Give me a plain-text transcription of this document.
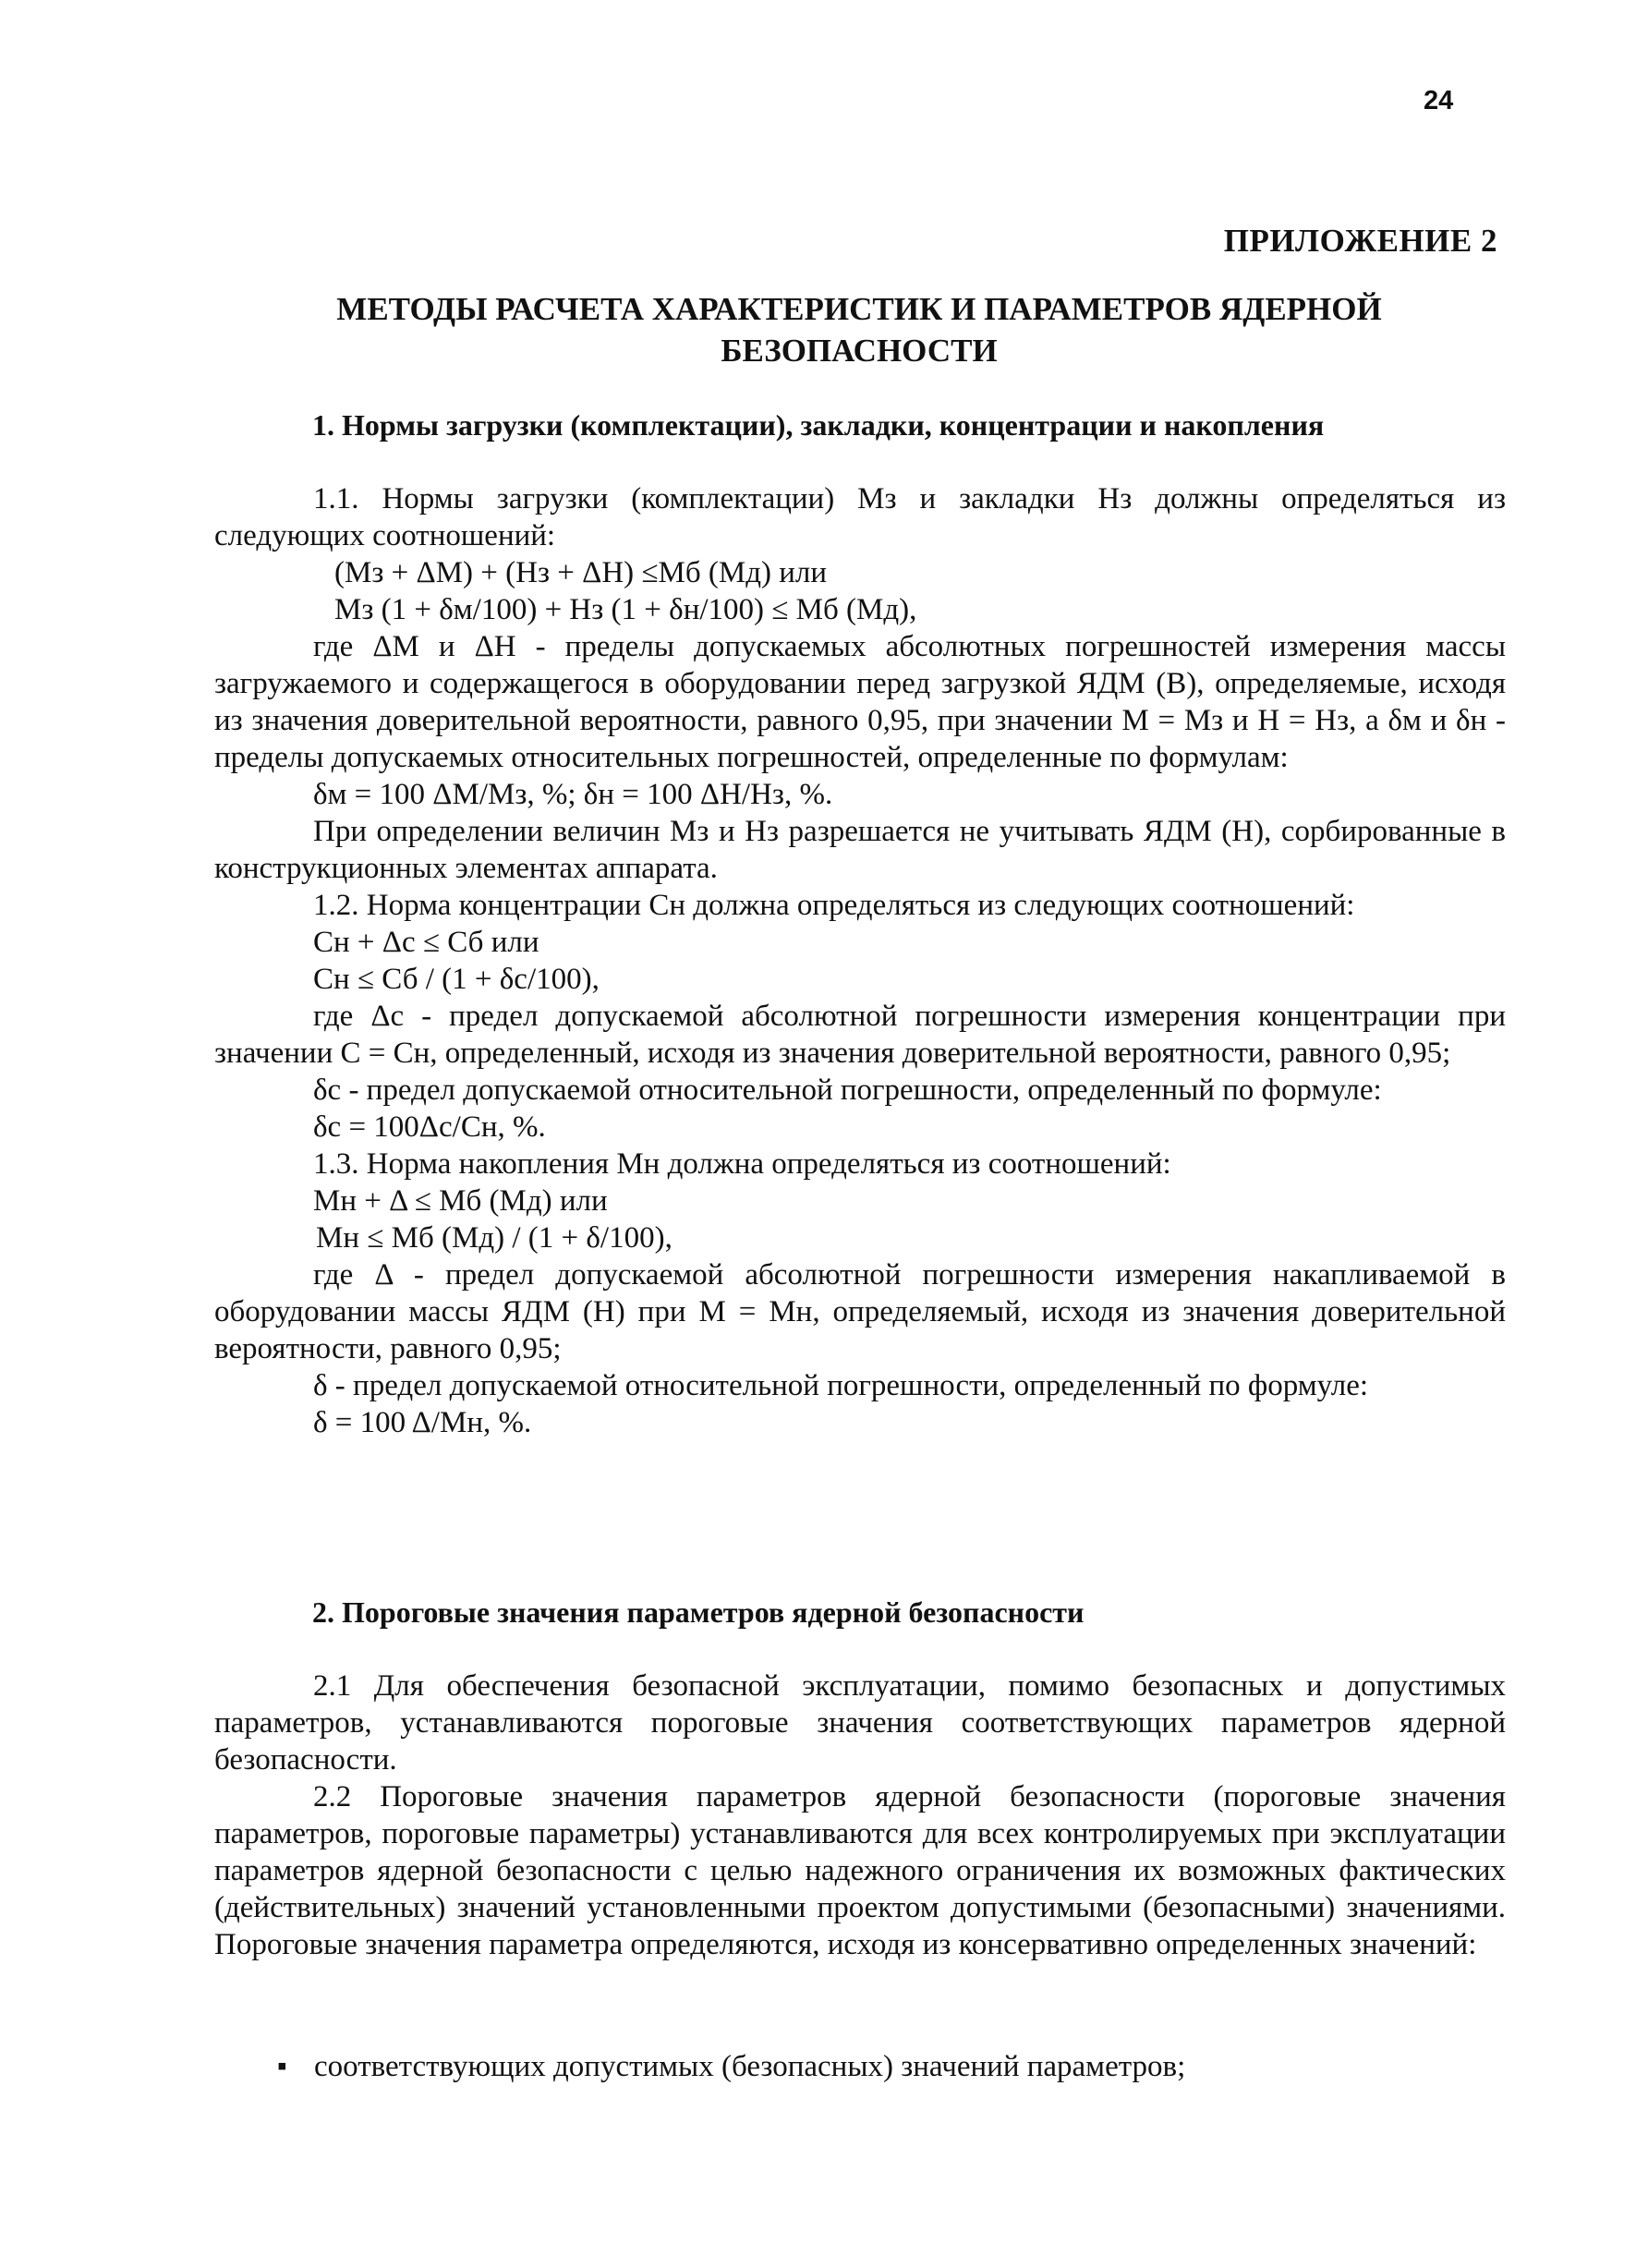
24
ПРИЛОЖЕНИЕ 2
МЕТОДЫ РАСЧЕТА ХАРАКТЕРИСТИК И ПАРАМЕТРОВ ЯДЕРНОЙ
БЕЗОПАСНОСТИ
1. Нормы загрузки (комплектации), закладки, концентрации и накопления

1.1. Нормы загрузки (комплектации) Мз и закладки Нз должны определяться из следующих соотношений:

(Мз + ΔМ) + (Нз + ΔН) ≤Мб (Мд) или

Мз (1 + δм/100) + Нз (1 + δн/100) ≤ Мб (Мд),

где ΔМ и ΔН - пределы допускаемых абсолютных погрешностей измерения массы загружаемого и содержащегося в оборудовании перед загрузкой ЯДМ (В), определяемые, исходя из значения доверительной вероятности, равного 0,95, при значении М = Мз и Н = Нз, а δм и δн - пределы допускаемых относительных погрешностей, определенные по формулам:

δм = 100 ΔМ/Мз, %; δн = 100 ΔН/Нз, %.

При определении величин Мз и Нз разрешается не учитывать ЯДМ (Н), сорбированные в конструкционных элементах аппарата.

1.2. Норма концентрации Сн должна определяться из следующих соотношений:

Сн + Δс ≤ Сб или

Сн ≤ Сб / (1 + δс/100),

где Δс - предел допускаемой абсолютной погрешности измерения концентрации при значении С = Сн, определенный, исходя из значения доверительной вероятности, равного 0,95;

δс - предел допускаемой относительной погрешности, определенный по формуле:

δс = 100Δс/Сн, %.

1.3. Норма накопления Мн должна определяться из соотношений:

Мн + Δ ≤ Мб (Мд) или

Мн ≤ Мб (Мд) / (1 + δ/100),

где Δ - предел допускаемой абсолютной погрешности измерения накапливаемой в оборудовании массы ЯДМ (Н) при М = Мн, определяемый, исходя из значения доверительной вероятности, равного 0,95;

δ - предел допускаемой относительной погрешности, определенный по формуле:

δ = 100 Δ/Мн, %.

2. Пороговые значения параметров ядерной безопасности

2.1 Для обеспечения безопасной эксплуатации, помимо безопасных и допустимых параметров, устанавливаются пороговые значения соответствующих параметров ядерной безопасности.

2.2 Пороговые значения параметров ядерной безопасности (пороговые значения параметров, пороговые параметры) устанавливаются для всех контролируемых при эксплуатации параметров ядерной безопасности с целью надежного ограничения их возможных фактических (действительных) значений установленными проектом допустимыми (безопасными) значениями. Пороговые значения параметра определяются, исходя из консервативно определенных значений:

▪ соответствующих допустимых (безопасных) значений параметров;
